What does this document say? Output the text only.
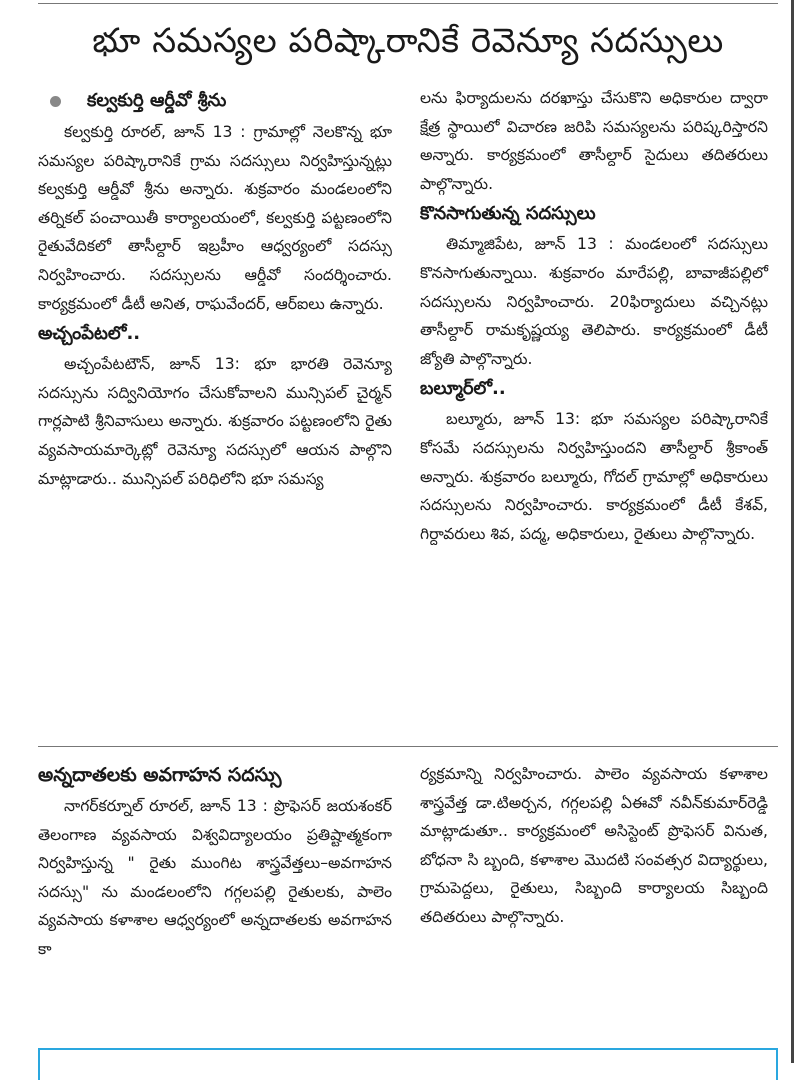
భూ సమస్యల పరిష్కారానికే రెవెన్యూ సదస్సులు
కల్వకుర్తి ఆర్డీవో శ్రీను

కల్వకుర్తి రూరల్, జూన్ 13 : గ్రామాల్లో నెలకొన్న భూ సమస్యల పరిష్కారానికే గ్రామ సదస్సులు నిర్వహిస్తున్నట్లు కల్వకుర్తి ఆర్డీవో శ్రీను అన్నారు. శుక్రవారం మండలంలోని తర్నికల్ పంచాయితీ కార్యాలయంలో, కల్వకుర్తి పట్టణంలోని రైతువేదికలో తాసీల్దార్ ఇబ్రహీం ఆధ్వర్యంలో సదస్సు నిర్వహించారు. సదస్సులను ఆర్డీవో సందర్శించారు. కార్యక్రమంలో డీటీ అనిత, రాఘవేందర్, ఆర్ఐలు ఉన్నారు.

అచ్చంపేటలో..

అచ్చంపేటటౌన్, జూన్ 13: భూ భారతి రెవెన్యూ సదస్సును సద్వినియోగం చేసుకోవాలని మున్సిపల్ చైర్మన్ గార్లపాటి శ్రీనివాసులు అన్నారు. శుక్రవారం పట్టణంలోని రైతు వ్యవసాయమార్కెట్లో రెవెన్యూ సదస్సులో ఆయన పాల్గొని మాట్లాడారు.. మున్సిపల్ పరిధిలోని భూ సమస్య

లను ఫిర్యాదులను దరఖాస్తు చేసుకొని అధికారుల ద్వారా క్షేత్ర స్థాయిలో విచారణ జరిపి సమస్యలను పరిష్కరిస్తారని అన్నారు. కార్యక్రమంలో తాసీల్దార్ సైదులు తదితరులు పాల్గొన్నారు.

కొనసాగుతున్న సదస్సులు

తిమ్మాజిపేట, జూన్ 13 : మండలంలో సదస్సులు కొనసాగుతున్నాయి. శుక్రవారం మారేపల్లి, బావాజీపల్లిలో సదస్సులను నిర్వహించారు. 20ఫిర్యాదులు వచ్చినట్లు తాసీల్దార్ రామకృష్ణయ్య తెలిపారు. కార్యక్రమంలో డీటీ జ్యోతి పాల్గొన్నారు.

బల్మూర్‌లో..

బల్మూరు, జూన్ 13: భూ సమస్యల పరిష్కారానికే కోసమే సదస్సులను నిర్వహిస్తుందని తాసీల్దార్ శ్రీకాంత్ అన్నారు. శుక్రవారం బల్మూరు, గోదల్ గ్రామాల్లో అధికారులు సదస్సులను నిర్వహించారు. కార్యక్రమంలో డీటీ కేశవ్, గిర్దావరులు శివ, పద్మ, అధికారులు, రైతులు పాల్గొన్నారు.

అన్నదాతలకు అవగాహన సదస్సు

నాగర్‌కర్నూల్ రూరల్, జూన్ 13 : ప్రొఫెసర్ జయశంకర్ తెలంగాణ వ్యవసాయ విశ్వవిద్యాలయం ప్రతిష్టాత్మకంగా నిర్వహిస్తున్న " రైతు ముంగిట శాస్త్రవేత్తలు–అవగాహన సదస్సు" ను మండలంలోని గగ్గలపల్లి రైతులకు, పాలెం వ్యవసాయ కళాశాల ఆధ్వర్యంలో అన్నదాతలకు అవగాహన కా

ర్యక్రమాన్ని నిర్వహించారు. పాలెం వ్యవసాయ కళాశాల శాస్త్రవేత్త డా.టిఅర్చన, గగ్గలపల్లి ఏఈవో నవీన్‌కుమార్‌రెడ్డి మాట్లాడుతూ.. కార్యక్రమంలో అసిస్టెంట్ ప్రొఫెసర్ వినుత, బోధనా సి బ్బంది, కళాశాల మొదటి సంవత్సర విద్యార్థులు, గ్రామపెద్దలు, రైతులు, సిబ్బంది కార్యాలయ సిబ్బంది తదితరులు పాల్గొన్నారు.
